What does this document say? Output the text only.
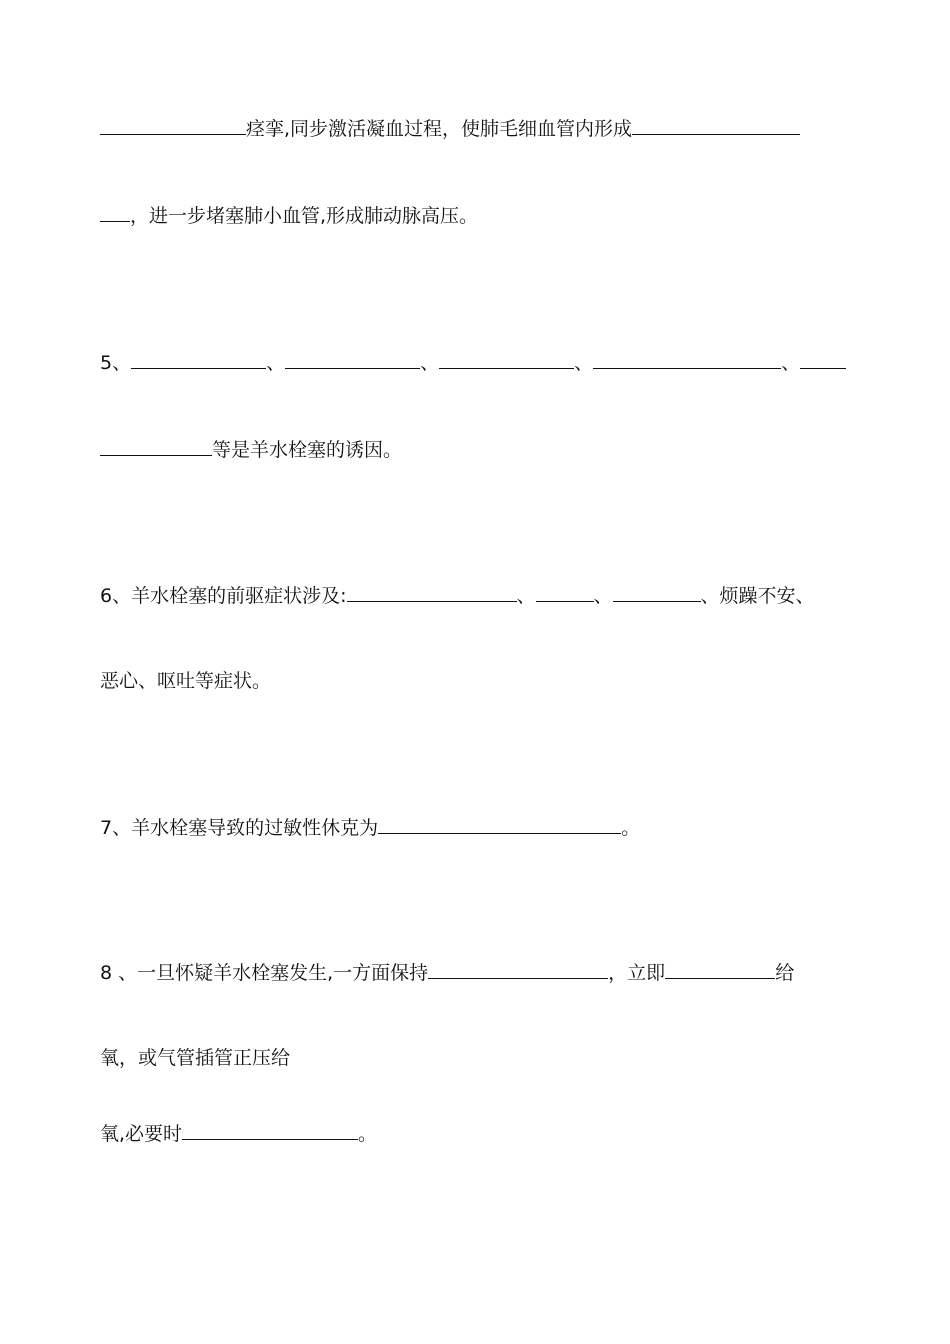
痉挛,同步激活凝血过程，使肺毛细血管内形成
，进一步堵塞肺小血管,形成肺动脉高压。
5、	、	、	、	、
等是羊水栓塞的诱因。
6、羊水栓塞的前驱症状涉及:	、	、	、烦躁不安、
恶心、呕吐等症状。
7、羊水栓塞导致的过敏性休克为	。
8 、一旦怀疑羊水栓塞发生,一方面保持	，立即	给
氧，或气管插管正压给
氧,必要时	。
